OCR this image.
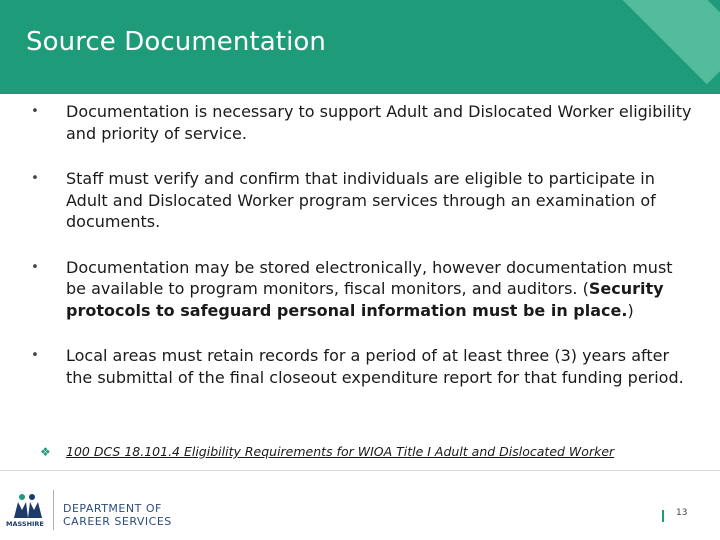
Source Documentation
• Documentation is necessary to support Adult and Dislocated Worker eligibility and priority of service.
• Staff must verify and confirm that individuals are eligible to participate in Adult and Dislocated Worker program services through an examination of documents.
• Documentation may be stored electronically, however documentation must be available to program monitors, fiscal monitors, and auditors. (Security protocols to safeguard personal information must be in place.)
• Local areas must retain records for a period of at least three (3) years after the submittal of the final closeout expenditure report for that funding period.
❖ 100 DCS 18.101.4 Eligibility Requirements for WIOA Title I Adult and Dislocated Worker
MASSHIRE
DEPARTMENT OF
CAREER SERVICES
13
